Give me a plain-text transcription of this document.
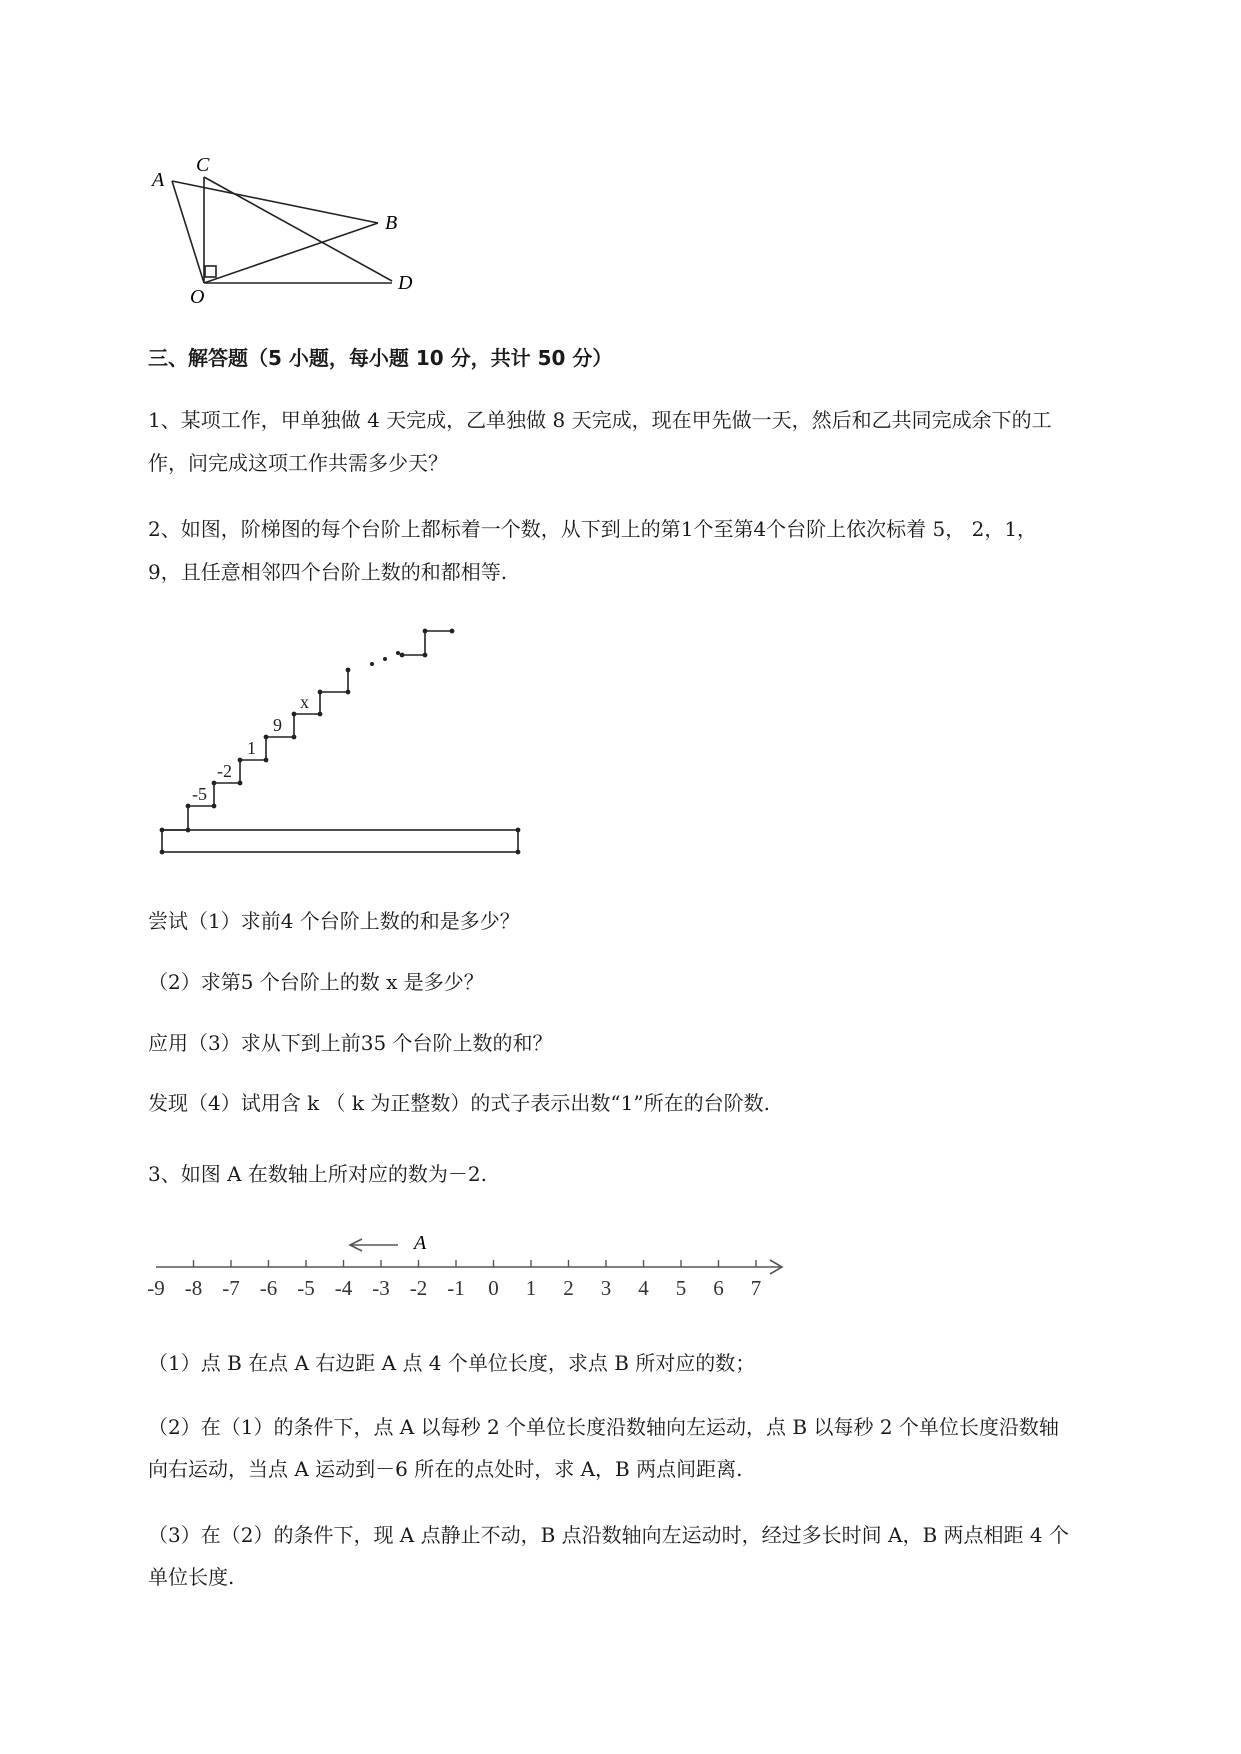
A
C
B
O
D
三、解答题（5 小题，每小题 10 分，共计 50 分）
1、某项工作，甲单独做 4 天完成，乙单独做 8 天完成，现在甲先做一天，然后和乙共同完成余下的工
作，问完成这项工作共需多少天？
2、如图，阶梯图的每个台阶上都标着一个数，从下到上的第1个至第4个台阶上依次标着 5， 2，1，
9，且任意相邻四个台阶上数的和都相等.
-5
-2
1
9
x
尝试（1）求前4 个台阶上数的和是多少？
（2）求第5 个台阶上的数 x 是多少？
应用（3）求从下到上前35 个台阶上数的和？
发现（4）试用含 k （ k 为正整数）的式子表示出数“1”所在的台阶数.
3、如图 A 在数轴上所对应的数为－2.
-9 -8 -7 -6 -5 -4 -3 -2 -1 0 1 2 3 4 5 6 7
A
（1）点 B 在点 A 右边距 A 点 4 个单位长度，求点 B 所对应的数；
（2）在（1）的条件下，点 A 以每秒 2 个单位长度沿数轴向左运动，点 B 以每秒 2 个单位长度沿数轴
向右运动，当点 A 运动到－6 所在的点处时，求 A，B 两点间距离.
（3）在（2）的条件下，现 A 点静止不动，B 点沿数轴向左运动时，经过多长时间 A，B 两点相距 4 个
单位长度.
